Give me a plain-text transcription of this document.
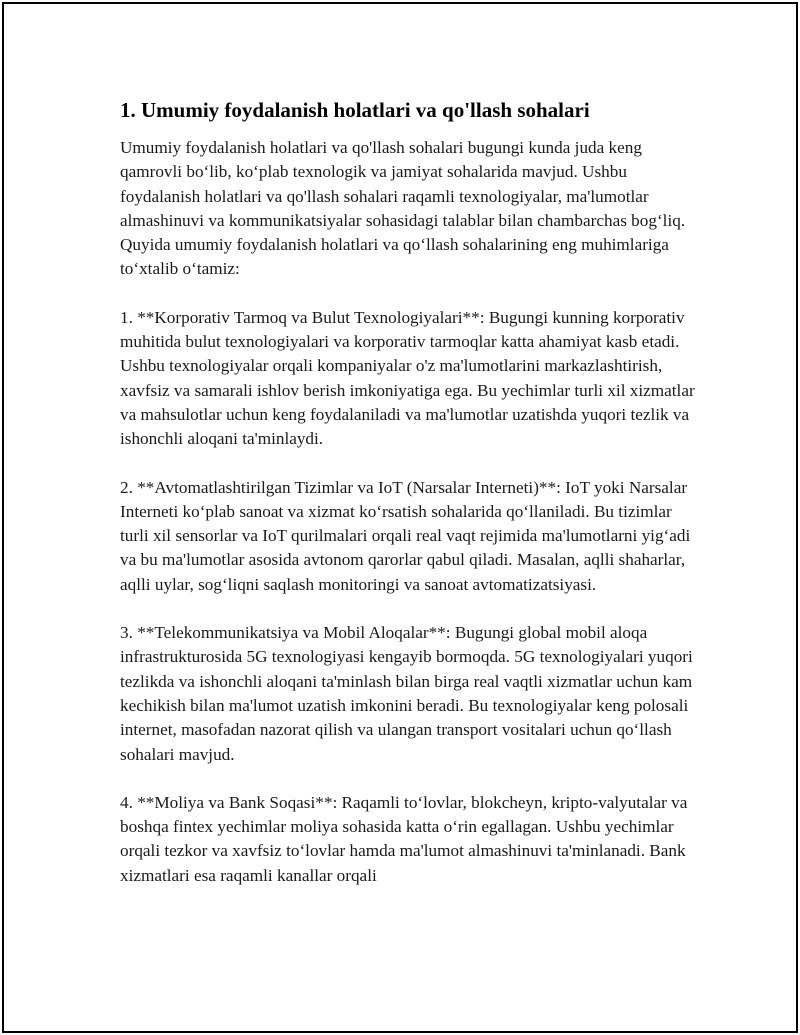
1. Umumiy foydalanish holatlari va qo'llash sohalari

Umumiy foydalanish holatlari va qo'llash sohalari bugungi kunda juda keng qamrovli bo‘lib, ko‘plab texnologik va jamiyat sohalarida mavjud. Ushbu foydalanish holatlari va qo'llash sohalari raqamli texnologiyalar, ma'lumotlar almashinuvi va kommunikatsiyalar sohasidagi talablar bilan chambarchas bog‘liq. Quyida umumiy foydalanish holatlari va qo‘llash sohalarining eng muhimlariga to‘xtalib o‘tamiz:

1. **Korporativ Tarmoq va Bulut Texnologiyalari**: Bugungi kunning korporativ muhitida bulut texnologiyalari va korporativ tarmoqlar katta ahamiyat kasb etadi. Ushbu texnologiyalar orqali kompaniyalar o'z ma'lumotlarini markazlashtirish, xavfsiz va samarali ishlov berish imkoniyatiga ega. Bu yechimlar turli xil xizmatlar va mahsulotlar uchun keng foydalaniladi va ma'lumotlar uzatishda yuqori tezlik va ishonchli aloqani ta'minlaydi.

2. **Avtomatlashtirilgan Tizimlar va IoT (Narsalar Interneti)**: IoT yoki Narsalar Interneti ko‘plab sanoat va xizmat ko‘rsatish sohalarida qo‘llaniladi. Bu tizimlar turli xil sensorlar va IoT qurilmalari orqali real vaqt rejimida ma'lumotlarni yig‘adi va bu ma'lumotlar asosida avtonom qarorlar qabul qiladi. Masalan, aqlli shaharlar, aqlli uylar, sog‘liqni saqlash monitoringi va sanoat avtomatizatsiyasi.

3. **Telekommunikatsiya va Mobil Aloqalar**: Bugungi global mobil aloqa infrastrukturosida 5G texnologiyasi kengayib bormoqda. 5G texnologiyalari yuqori tezlikda va ishonchli aloqani ta'minlash bilan birga real vaqtli xizmatlar uchun kam kechikish bilan ma'lumot uzatish imkonini beradi. Bu texnologiyalar keng polosali internet, masofadan nazorat qilish va ulangan transport vositalari uchun qo‘llash sohalari mavjud.

4. **Moliya va Bank Soqasi**: Raqamli to‘lovlar, blokcheyn, kripto-valyutalar va boshqa fintex yechimlar moliya sohasida katta o‘rin egallagan. Ushbu yechimlar orqali tezkor va xavfsiz to‘lovlar hamda ma'lumot almashinuvi ta'minlanadi. Bank xizmatlari esa raqamli kanallar orqali
